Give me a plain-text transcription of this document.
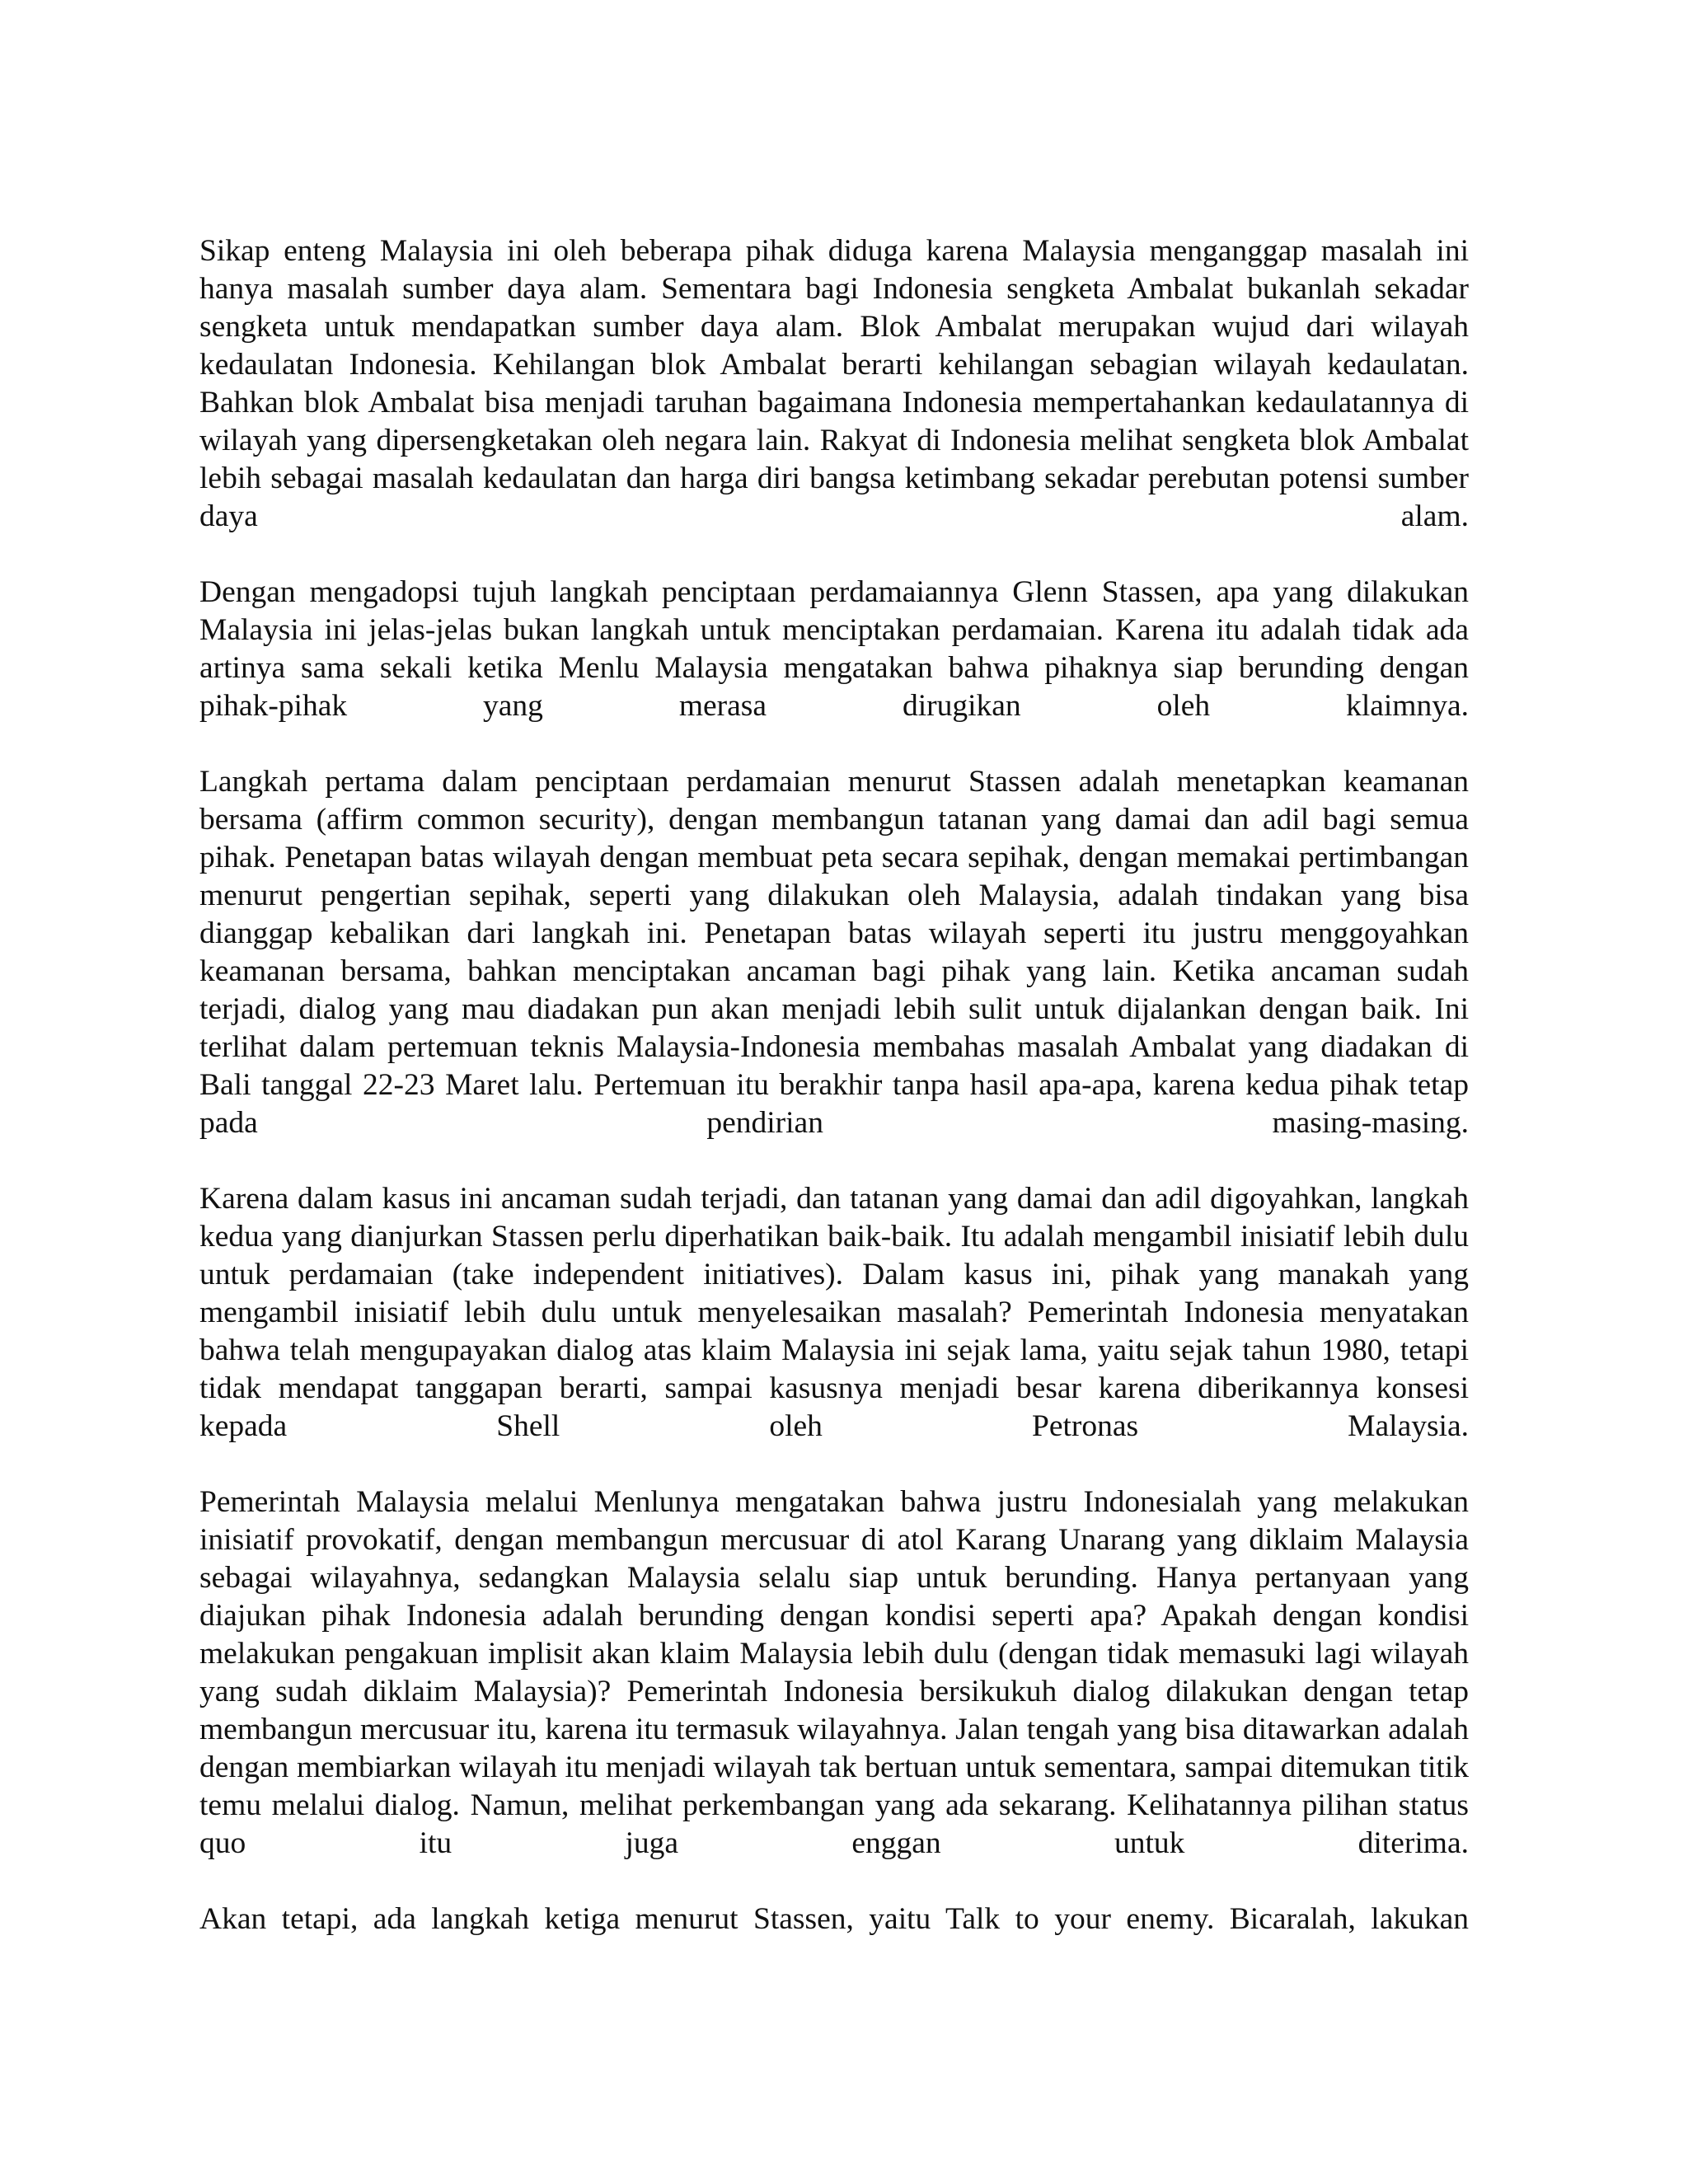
Sikap enteng Malaysia ini oleh beberapa pihak diduga karena Malaysia menganggap masalah ini hanya masalah sumber daya alam. Sementara bagi Indonesia sengketa Ambalat bukanlah sekadar sengketa untuk mendapatkan sumber daya alam. Blok Ambalat merupakan wujud dari wilayah kedaulatan Indonesia. Kehilangan blok Ambalat berarti kehilangan sebagian wilayah kedaulatan. Bahkan blok Ambalat bisa menjadi taruhan bagaimana Indonesia mempertahankan kedaulatannya di wilayah yang dipersengketakan oleh negara lain. Rakyat di Indonesia melihat sengketa blok Ambalat lebih sebagai masalah kedaulatan dan harga diri bangsa ketimbang sekadar perebutan potensi sumber daya alam.

Dengan mengadopsi tujuh langkah penciptaan perdamaiannya Glenn Stassen, apa yang dilakukan Malaysia ini jelas-jelas bukan langkah untuk menciptakan perdamaian. Karena itu adalah tidak ada artinya sama sekali ketika Menlu Malaysia mengatakan bahwa pihaknya siap berunding dengan pihak-pihak yang merasa dirugikan oleh klaimnya.

Langkah pertama dalam penciptaan perdamaian menurut Stassen adalah menetapkan keamanan bersama (affirm common security), dengan membangun tatanan yang damai dan adil bagi semua pihak. Penetapan batas wilayah dengan membuat peta secara sepihak, dengan memakai pertimbangan menurut pengertian sepihak, seperti yang dilakukan oleh Malaysia, adalah tindakan yang bisa dianggap kebalikan dari langkah ini. Penetapan batas wilayah seperti itu justru menggoyahkan keamanan bersama, bahkan menciptakan ancaman bagi pihak yang lain. Ketika ancaman sudah terjadi, dialog yang mau diadakan pun akan menjadi lebih sulit untuk dijalankan dengan baik. Ini terlihat dalam pertemuan teknis Malaysia-Indonesia membahas masalah Ambalat yang diadakan di Bali tanggal 22-23 Maret lalu. Pertemuan itu berakhir tanpa hasil apa-apa, karena kedua pihak tetap pada pendirian masing-masing.

Karena dalam kasus ini ancaman sudah terjadi, dan tatanan yang damai dan adil digoyahkan, langkah kedua yang dianjurkan Stassen perlu diperhatikan baik-baik. Itu adalah mengambil inisiatif lebih dulu untuk perdamaian (take independent initiatives). Dalam kasus ini, pihak yang manakah yang mengambil inisiatif lebih dulu untuk menyelesaikan masalah? Pemerintah Indonesia menyatakan bahwa telah mengupayakan dialog atas klaim Malaysia ini sejak lama, yaitu sejak tahun 1980, tetapi tidak mendapat tanggapan berarti, sampai kasusnya menjadi besar karena diberikannya konsesi kepada Shell oleh Petronas Malaysia.

Pemerintah Malaysia melalui Menlunya mengatakan bahwa justru Indonesialah yang melakukan inisiatif provokatif, dengan membangun mercusuar di atol Karang Unarang yang diklaim Malaysia sebagai wilayahnya, sedangkan Malaysia selalu siap untuk berunding. Hanya pertanyaan yang diajukan pihak Indonesia adalah berunding dengan kondisi seperti apa? Apakah dengan kondisi melakukan pengakuan implisit akan klaim Malaysia lebih dulu (dengan tidak memasuki lagi wilayah yang sudah diklaim Malaysia)? Pemerintah Indonesia bersikukuh dialog dilakukan dengan tetap membangun mercusuar itu, karena itu termasuk wilayahnya. Jalan tengah yang bisa ditawarkan adalah dengan membiarkan wilayah itu menjadi wilayah tak bertuan untuk sementara, sampai ditemukan titik temu melalui dialog. Namun, melihat perkembangan yang ada sekarang. Kelihatannya pilihan status quo itu juga enggan untuk diterima.

Akan tetapi, ada langkah ketiga menurut Stassen, yaitu Talk to your enemy. Bicaralah, lakukan
